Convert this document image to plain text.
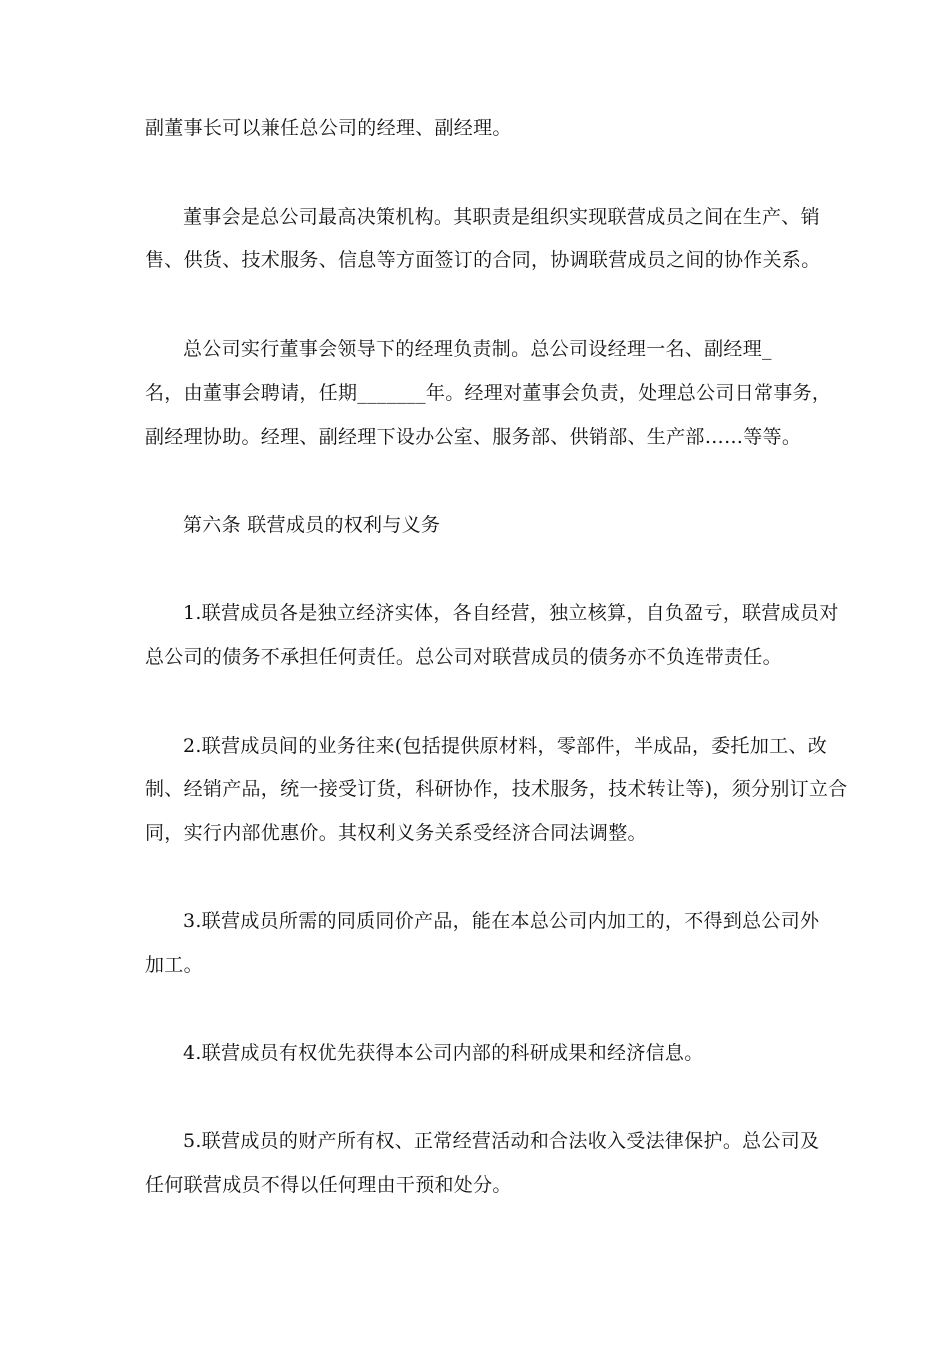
副董事长可以兼任总公司的经理、副经理。
董事会是总公司最高决策机构。其职责是组织实现联营成员之间在生产、销
售、供货、技术服务、信息等方面签订的合同，协调联营成员之间的协作关系。
总公司实行董事会领导下的经理负责制。总公司设经理一名、副经理_
名，由董事会聘请，任期_______年。经理对董事会负责，处理总公司日常事务，
副经理协助。经理、副经理下设办公室、服务部、供销部、生产部……等等。
第六条 联营成员的权利与义务
1.联营成员各是独立经济实体，各自经营，独立核算，自负盈亏，联营成员对
总公司的债务不承担任何责任。总公司对联营成员的债务亦不负连带责任。
2.联营成员间的业务往来(包括提供原材料，零部件，半成品，委托加工、改
制、经销产品，统一接受订货，科研协作，技术服务，技术转让等)，须分别订立合
同，实行内部优惠价。其权利义务关系受经济合同法调整。
3.联营成员所需的同质同价产品，能在本总公司内加工的，不得到总公司外
加工。
4.联营成员有权优先获得本公司内部的科研成果和经济信息。
5.联营成员的财产所有权、正常经营活动和合法收入受法律保护。总公司及
任何联营成员不得以任何理由干预和处分。
